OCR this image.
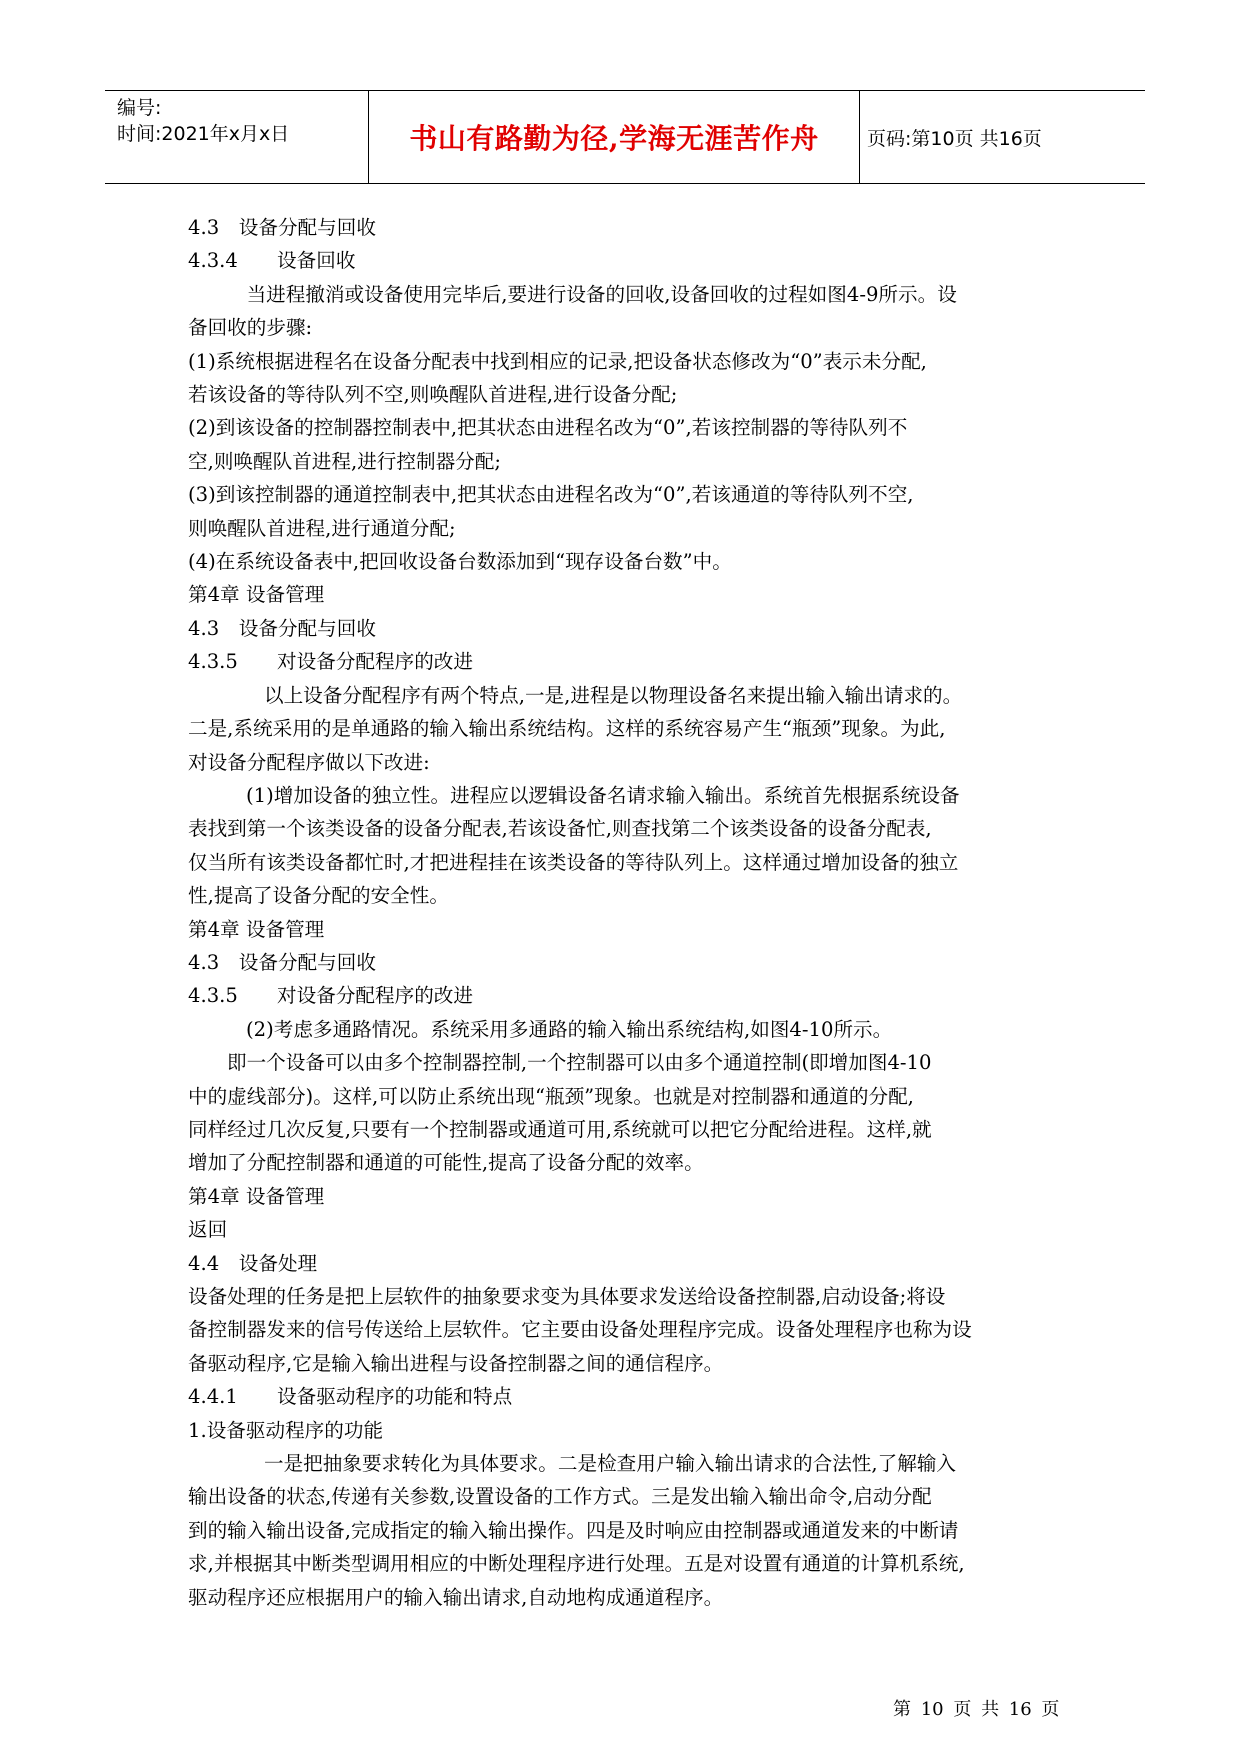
编号:
时间:2021年x月x日	书山有路勤为径,学海无涯苦作舟	页码:第10页 共16页

4.3　设备分配与回收

4.3.4　　设备回收

　当进程撤消或设备使用完毕后,要进行设备的回收,设备回收的过程如图4-9所示。设

备回收的步骤:

(1)系统根据进程名在设备分配表中找到相应的记录,把设备状态修改为“0”表示未分配,

若该设备的等待队列不空,则唤醒队首进程,进行设备分配;

(2)到该设备的控制器控制表中,把其状态由进程名改为“0”,若该控制器的等待队列不

空,则唤醒队首进程,进行控制器分配;

(3)到该控制器的通道控制表中,把其状态由进程名改为“0”,若该通道的等待队列不空,

则唤醒队首进程,进行通道分配;

(4)在系统设备表中,把回收设备台数添加到“现存设备台数”中。

第4章 设备管理

4.3　设备分配与回收

4.3.5　　对设备分配程序的改进

以上设备分配程序有两个特点,一是,进程是以物理设备名来提出输入输出请求的。

二是,系统采用的是单通路的输入输出系统结构。这样的系统容易产生“瓶颈”现象。为此,

对设备分配程序做以下改进:

(1)增加设备的独立性。进程应以逻辑设备名请求输入输出。系统首先根据系统设备

表找到第一个该类设备的设备分配表,若该设备忙,则查找第二个该类设备的设备分配表,

仅当所有该类设备都忙时,才把进程挂在该类设备的等待队列上。这样通过增加设备的独立

性,提高了设备分配的安全性。

第4章 设备管理

4.3　设备分配与回收

4.3.5　　对设备分配程序的改进

(2)考虑多通路情况。系统采用多通路的输入输出系统结构,如图4-10所示。

即一个设备可以由多个控制器控制,一个控制器可以由多个通道控制(即增加图4-10

中的虚线部分)。这样,可以防止系统出现“瓶颈”现象。也就是对控制器和通道的分配,

同样经过几次反复,只要有一个控制器或通道可用,系统就可以把它分配给进程。这样,就

增加了分配控制器和通道的可能性,提高了设备分配的效率。

第4章 设备管理

返回

4.4　设备处理

设备处理的任务是把上层软件的抽象要求变为具体要求发送给设备控制器,启动设备;将设

备控制器发来的信号传送给上层软件。它主要由设备处理程序完成。设备处理程序也称为设

备驱动程序,它是输入输出进程与设备控制器之间的通信程序。

4.4.1　　设备驱动程序的功能和特点

1.设备驱动程序的功能

一是把抽象要求转化为具体要求。二是检查用户输入输出请求的合法性,了解输入

输出设备的状态,传递有关参数,设置设备的工作方式。三是发出输入输出命令,启动分配

到的输入输出设备,完成指定的输入输出操作。四是及时响应由控制器或通道发来的中断请

求,并根据其中断类型调用相应的中断处理程序进行处理。五是对设置有通道的计算机系统,

驱动程序还应根据用户的输入输出请求,自动地构成通道程序。

第 10 页 共 16 页
